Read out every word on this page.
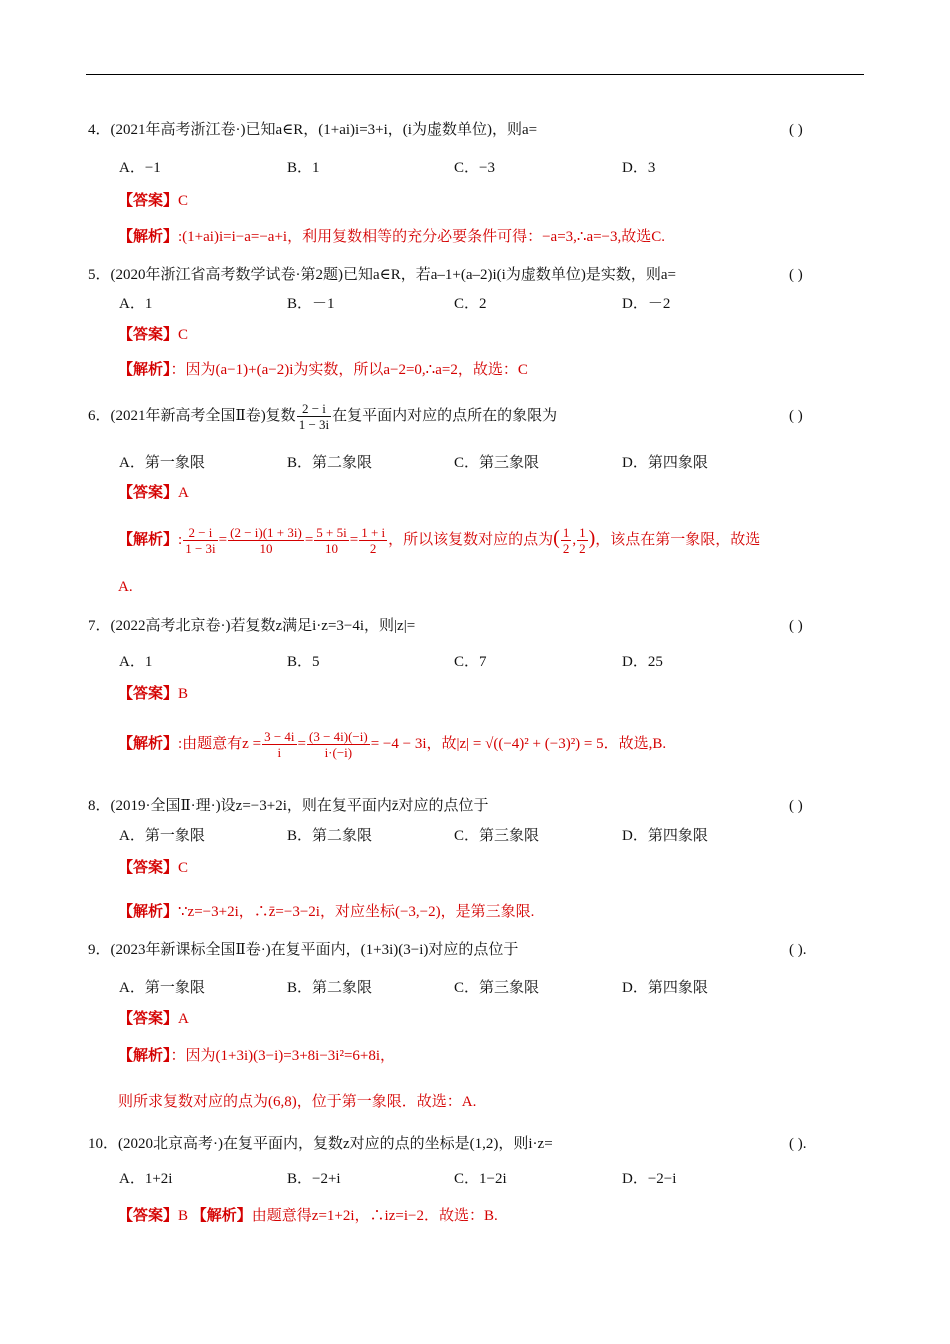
4．(2021年高考浙江卷·)已知a∈R，(1+ai)i=3+i，(i为虚数单位)，则a=	( )
A．−1	B．1	C．−3	D．3
【答案】C
【解析】:(1+ai)i=i−a=−a+i，利用复数相等的充分必要条件可得：−a=3,∴a=−3,故选C.
5．(2020年浙江省高考数学试卷·第2题)已知a∈R，若a–1+(a–2)i(i为虚数单位)是实数，则a=	( )
A．1	B．－1	C．2	D．－2
【答案】C
【解析】：因为(a−1)+(a−2)i为实数，所以a−2=0,∴a=2，故选：C
6．(2021年新高考全国Ⅱ卷)复数 $\frac{2 - i}{1 - 3i}$ 在复平面内对应的点所在的象限为	( )
A．第一象限	B．第二象限	C．第三象限	D．第四象限
【答案】A
【解析】: $\frac{2 - i}{1 - 3i} = \frac{(2 - i)(1 + 3i)}{10} = \frac{5 + 5i}{10} = \frac{1 + i}{2}$ ，所以该复数对应的点为( $\frac{1}{2}$ , $\frac{1}{2}$ )，该点在第一象限，故选
A.
7．(2022高考北京卷·)若复数z满足i·z=3−4i，则|z|=	( )
A．1	B．5	C．7	D．25
【答案】B
【解析】:由题意有$z = \frac{3 - 4i}{i} = \frac{(3 - 4i)(-i)}{i\cdot(-i)} = -4 - 3i$，故|z| = √((−4)² + (−3)²) = 5．故选,B.
8．(2019·全国Ⅱ·理·)设z=−3+2i，则在复平面内z̄对应的点位于	( )
A．第一象限	B．第二象限	C．第三象限	D．第四象限
【答案】C
【解析】∵z=−3+2i，∴z̄=−3−2i，对应坐标(−3,−2)，是第三象限.
9．(2023年新课标全国Ⅱ卷·)在复平面内，(1+3i)(3−i)对应的点位于	( ).
A．第一象限	B．第二象限	C．第三象限	D．第四象限
【答案】A
【解析】：因为(1+3i)(3−i)=3+8i−3i²=6+8i，
则所求复数对应的点为(6,8)，位于第一象限．故选：A.
10．(2020北京高考·)在复平面内，复数z对应的点的坐标是(1,2)，则i·z=	( ).
A．1+2i	B．−2+i	C．1−2i	D．−2−i
【答案】B 【解析】由题意得z=1+2i，∴iz=i−2．故选：B.
